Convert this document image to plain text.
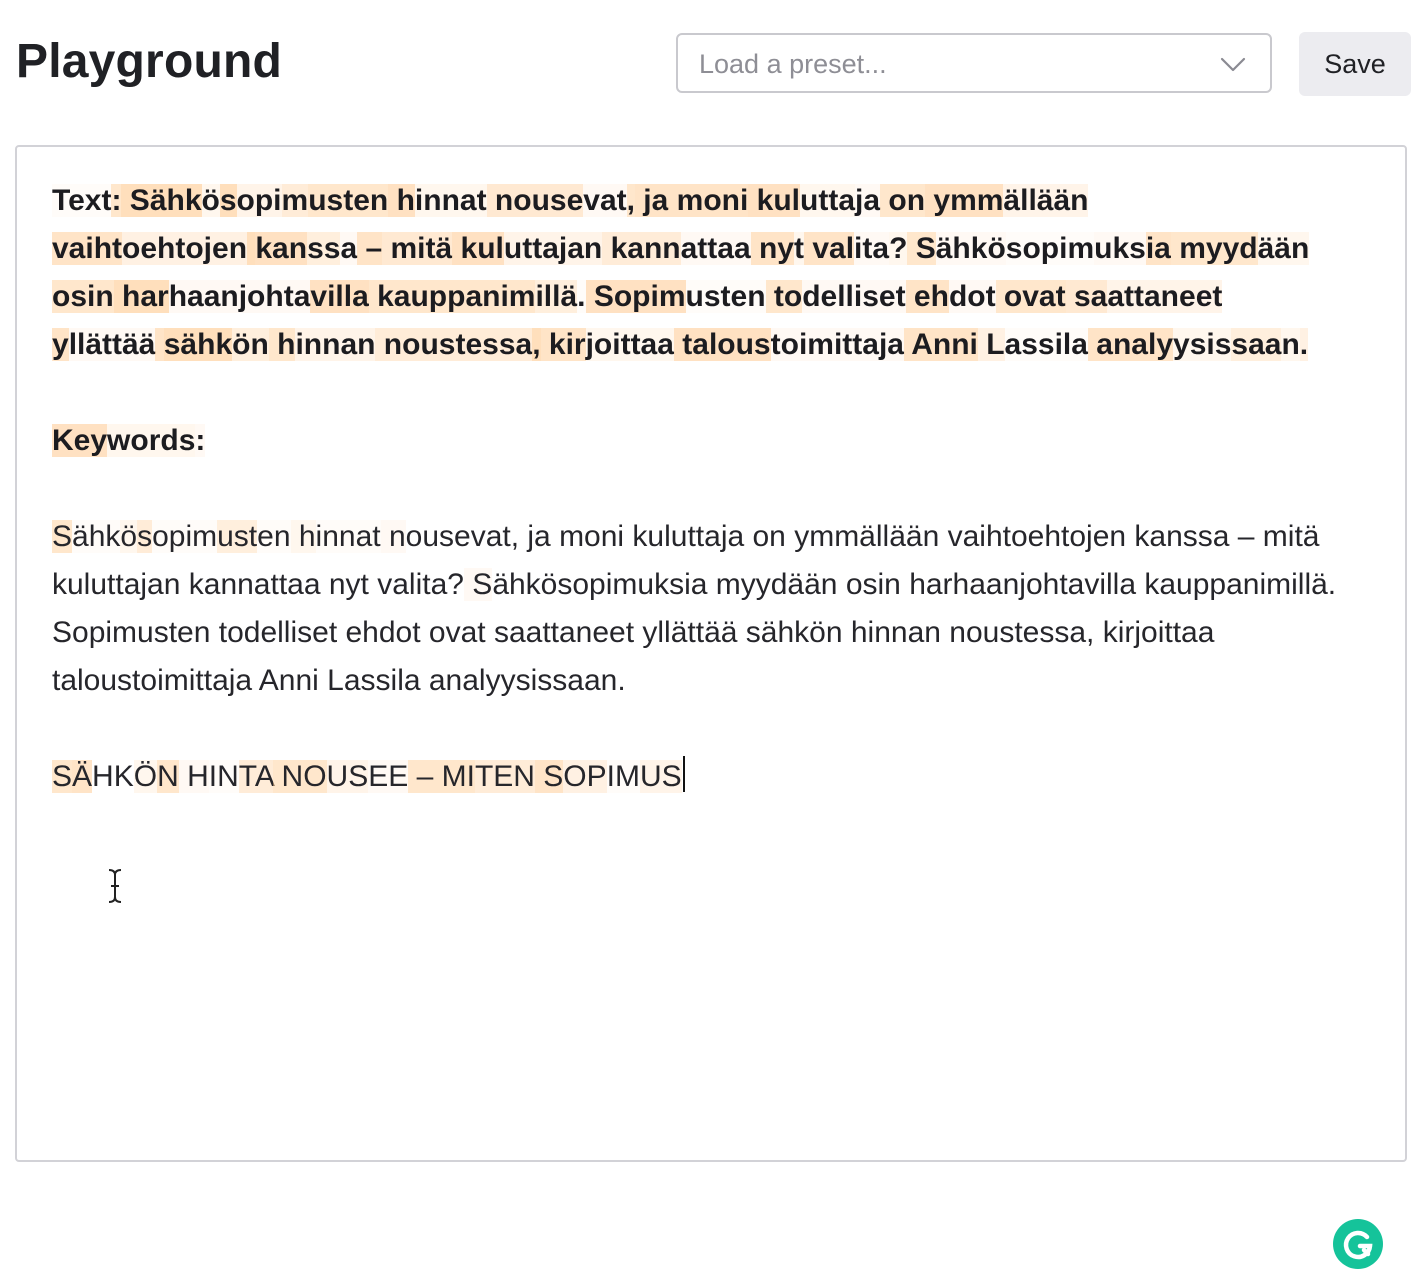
Playground	Load a preset...	Save
Text: Sähkösopimusten hinnat nousevat, ja moni kuluttaja on ymmällään vaihtoehtojen kanssa – mitä kuluttajan kannattaa nyt valita? Sähkösopimuksia myydään osin harhaanjohtavilla kauppanimillä. Sopimusten todelliset ehdot ovat saattaneet yllättää sähkön hinnan noustessa, kirjoittaa taloustoimittaja Anni Lassila analyysissaan.
Keywords:
Sähkösopimusten hinnat nousevat, ja moni kuluttaja on ymmällään vaihtoehtojen kanssa – mitä kuluttajan kannattaa nyt valita? Sähkösopimuksia myydään osin harhaanjohtavilla kauppanimillä. Sopimusten todelliset ehdot ovat saattaneet yllättää sähkön hinnan noustessa, kirjoittaa taloustoimittaja Anni Lassila analyysissaan.
SÄHKÖN HINTA NOUSEE – MITEN SOPIMUS
